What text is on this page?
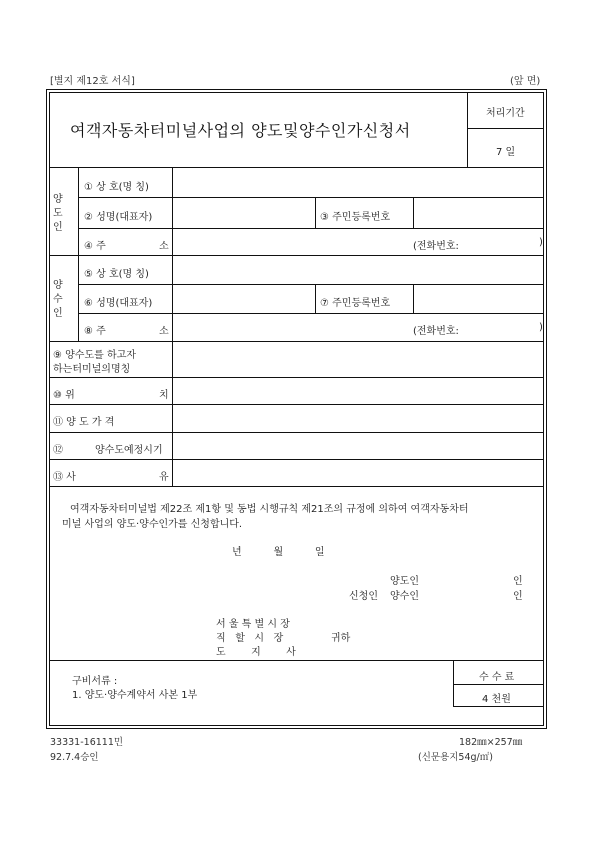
[별지 제12호 서식]	(앞 면)
여객자동차터미널사업의 양도및양수인가신청서
처리기간
7 일
양
도
인
① 상 호(명 칭)
② 성명(대표자)	③ 주민등록번호
④ 주	소	(전화번호:	)
양
수
인
⑤ 상 호(명 칭)
⑥ 성명(대표자)	⑦ 주민등록번호
⑧ 주	소	(전화번호:	)
⑨ 양수도를 하고자
하는터미널의명칭
⑩ 위	치
⑪ 양 도 가 격
⑫	양수도예정시기
⑬ 사	유
여객자동차터미널법 제22조 제1항 및 동법 시행규칙 제21조의 규정에 의하여 여객자동차터
미널 사업의 양도·양수인가를 신청합니다.
년          월          일
양도인	인
신청인 양수인	인
서 울 특 별 시 장
직   할   시   장	귀하
도        지        사
구비서류 :
1. 양도·양수계약서 사본 1부
수 수 료
4 천원
33331-16111민
92.7.4승인
182㎜×257㎜
(신문용지54g/㎡)
